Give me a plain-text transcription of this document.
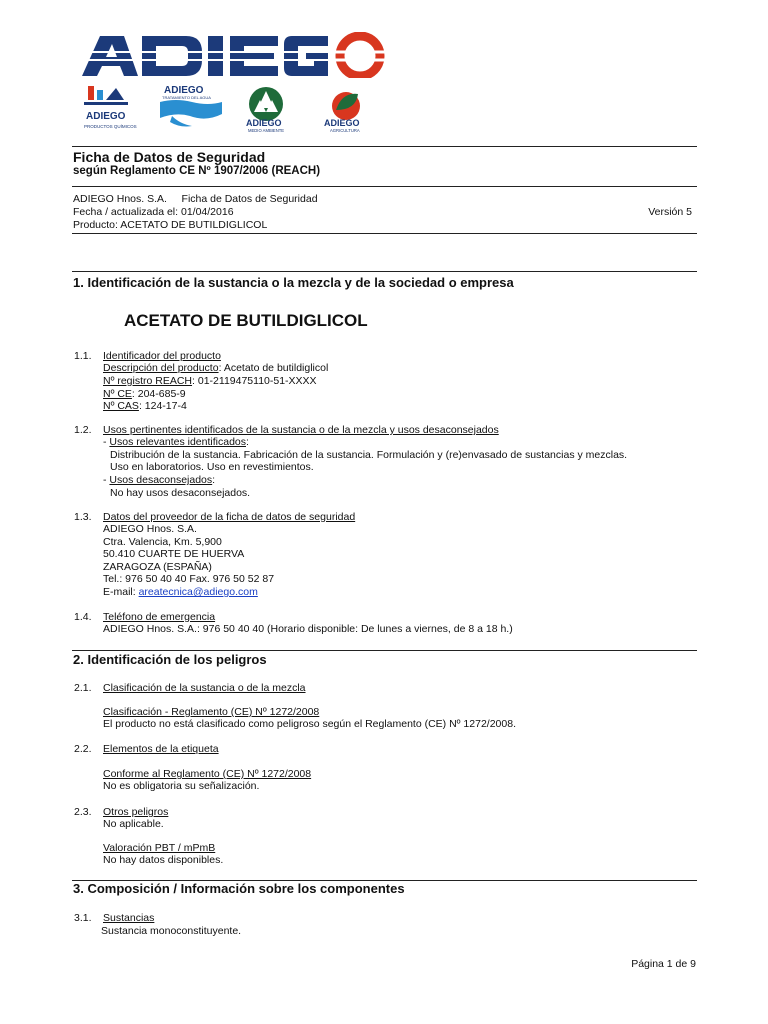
ADIEGO
PRODUCTOS QUÍMICOS
ADIEGO
TRATAMIENTO DEL AGUA
ADIEGO
MEDIO AMBIENTE
ADIEGO
AGRICULTURA
Ficha de Datos de Seguridad
según Reglamento CE Nº 1907/2006 (REACH)
ADIEGO Hnos. S.A.     Ficha de Datos de Seguridad
Fecha / actualizada el: 01/04/2016	Versión 5
Producto: ACETATO DE BUTILDIGLICOL
1. Identificación de la sustancia o la mezcla y de la sociedad o empresa
ACETATO DE BUTILDIGLICOL
1.1. Identificador del producto
Descripción del producto: Acetato de butildiglicol
Nº registro REACH: 01-2119475110-51-XXXX
Nº CE: 204-685-9
Nº CAS: 124-17-4
1.2. Usos pertinentes identificados de la sustancia o de la mezcla y usos desaconsejados
- Usos relevantes identificados:
Distribución de la sustancia. Fabricación de la sustancia. Formulación y (re)envasado de sustancias y mezclas.
Uso en laboratorios. Uso en revestimientos.
- Usos desaconsejados:
No hay usos desaconsejados.
1.3. Datos del proveedor de la ficha de datos de seguridad
ADIEGO Hnos. S.A.
Ctra. Valencia, Km. 5,900
50.410 CUARTE DE HUERVA
ZARAGOZA (ESPAÑA)
Tel.: 976 50 40 40 Fax. 976 50 52 87
E-mail: areatecnica@adiego.com
1.4. Teléfono de emergencia
ADIEGO Hnos. S.A.: 976 50 40 40 (Horario disponible: De lunes a viernes, de 8 a 18 h.)
2. Identificación de los peligros
2.1. Clasificación de la sustancia o de la mezcla
Clasificación - Reglamento (CE) Nº 1272/2008
El producto no está clasificado como peligroso según el Reglamento (CE) Nº 1272/2008.
2.2. Elementos de la etiqueta
Conforme al Reglamento (CE) Nº 1272/2008
No es obligatoria su señalización.
2.3. Otros peligros
No aplicable.
Valoración PBT / mPmB
No hay datos disponibles.
3. Composición / Información sobre los componentes
3.1. Sustancias
Sustancia monoconstituyente.
Página 1 de 9
